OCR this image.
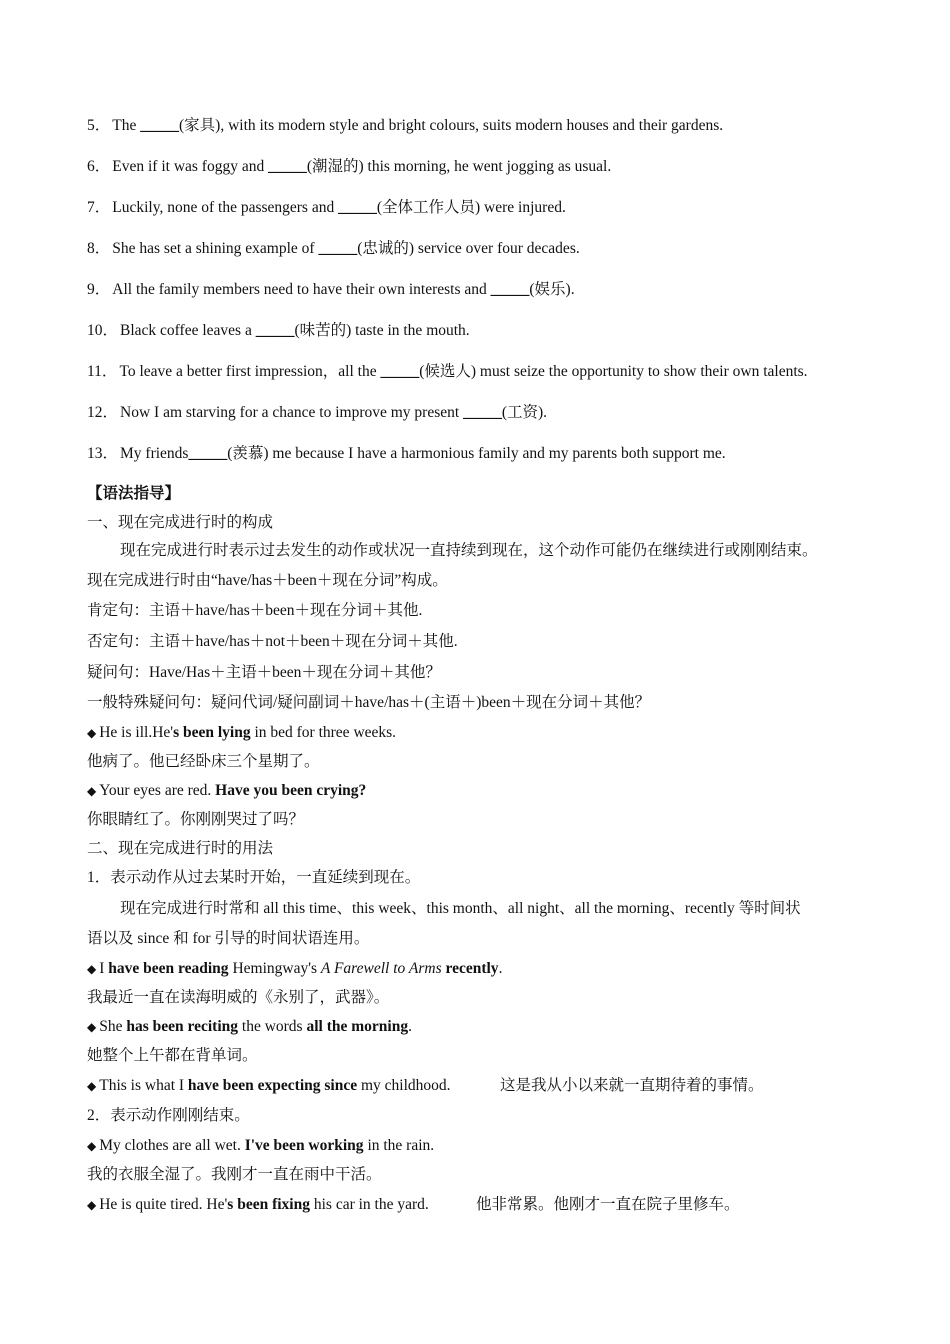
5． The _____(家具), with its modern style and bright colours, suits modern houses and their gardens.
6． Even if it was foggy and _____(潮湿的) this morning, he went jogging as usual.
7． Luckily, none of the passengers and _____(全体工作人员) were injured.
8． She has set a shining example of _____(忠诚的) service over four decades.
9． All the family members need to have their own interests and _____(娱乐).
10． Black coffee leaves a _____(味苦的) taste in the mouth.
11． To leave a better first impression，all the _____(候选人) must seize the opportunity to show their own talents.
12． Now I am starving for a chance to improve my present _____(工资).
13． My friends_____(羡慕) me because I have a harmonious family and my parents both support me.
【语法指导】
一、现在完成进行时的构成
现在完成进行时表示过去发生的动作或状况一直持续到现在，这个动作可能仍在继续进行或刚刚结束。
现在完成进行时由“have/has＋been＋现在分词”构成。
肯定句：主语＋have/has＋been＋现在分词＋其他.
否定句：主语＋have/has＋not＋been＋现在分词＋其他.
疑问句：Have/Has＋主语＋been＋现在分词＋其他？
一般特殊疑问句：疑问代词/疑问副词＋have/has＋(主语＋)been＋现在分词＋其他？
◆ He is ill.He's been lying in bed for three weeks.
他病了。他已经卧床三个星期了。
◆ Your eyes are red. Have you been crying?
你眼睛红了。你刚刚哭过了吗？
二、现在完成进行时的用法
1．表示动作从过去某时开始，一直延续到现在。
现在完成进行时常和 all this time、this week、this month、all night、all the morning、recently 等时间状
语以及 since 和 for 引导的时间状语连用。
◆ I have been reading Hemingway's A Farewell to Arms recently.
我最近一直在读海明威的《永别了，武器》。
◆ She has been reciting the words all the morning.
她整个上午都在背单词。
◆ This is what I have been expecting since my childhood.	这是我从小以来就一直期待着的事情。
2．表示动作刚刚结束。
◆ My clothes are all wet. I've been working in the rain.
我的衣服全湿了。我刚才一直在雨中干活。
◆ He is quite tired. He's been fixing his car in the yard.	他非常累。他刚才一直在院子里修车。
